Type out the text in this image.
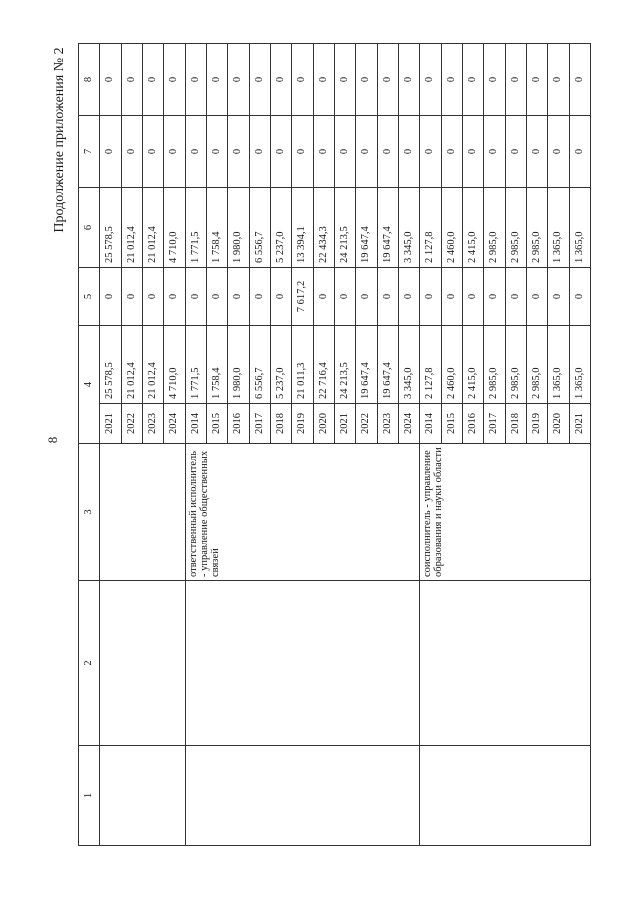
8
Продолжение приложения № 2
1	2	3	4		5	6	7	8
			2021	25 578,5	0	25 578,5	0	0
			2022	21 012,4	0	21 012,4	0	0
			2023	21 012,4	0	21 012,4	0	0
			2024	4 710,0	0	4 710,0	0	0
		ответственный исполнитель - управление общественных связей	2014	1 771,5	0	1 771,5	0	0
			2015	1 758,4	0	1 758,4	0	0
			2016	1 980,0	0	1 980,0	0	0
			2017	6 556,7	0	6 556,7	0	0
			2018	5 237,0	0	5 237,0	0	0
			2019	21 011,3	7 617,2	13 394,1	0	0
			2020	22 716,4	0	22 434,3	0	0
			2021	24 213,5	0	24 213,5	0	0
			2022	19 647,4	0	19 647,4	0	0
			2023	19 647,4	0	19 647,4	0	0
			2024	3 345,0	0	3 345,0	0	0
		соисполнитель - управление образования и науки области	2014	2 127,8	0	2 127,8	0	0
			2015	2 460,0	0	2 460,0	0	0
			2016	2 415,0	0	2 415,0	0	0
			2017	2 985,0	0	2 985,0	0	0
			2018	2 985,0	0	2 985,0	0	0
			2019	2 985,0	0	2 985,0	0	0
			2020	1 365,0	0	1 365,0	0	0
			2021	1 365,0	0	1 365,0	0	0
